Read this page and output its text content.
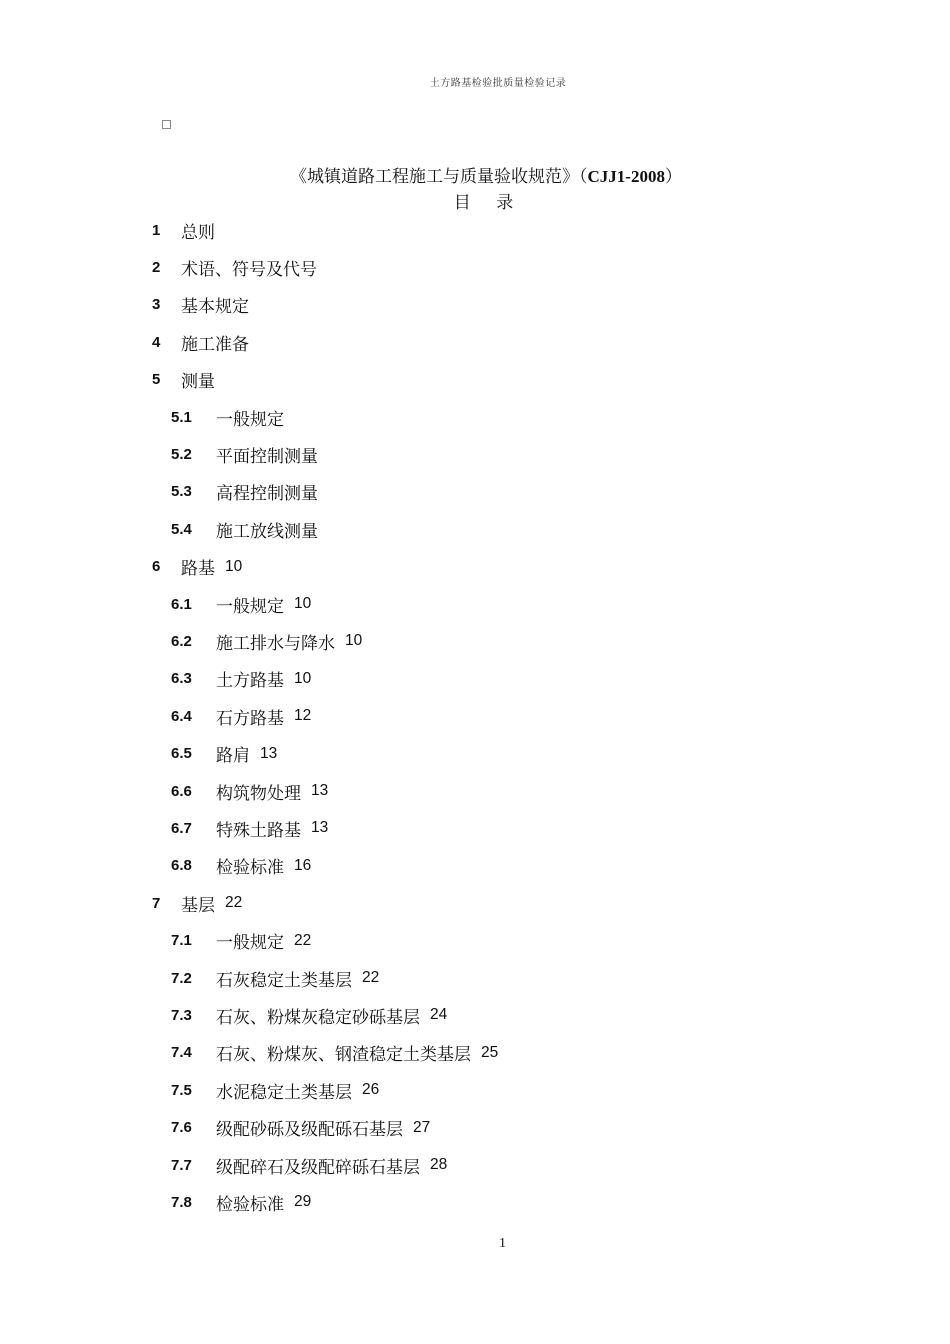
土方路基检验批质量检验记录
《城镇道路工程施工与质量验收规范》（CJJ1-2008）
目 录
1	总则
2	术语、符号及代号
3	基本规定
4	施工准备
5	测量
5.1	一般规定
5.2	平面控制测量
5.3	高程控制测量
5.4	施工放线测量
6	路基 10
6.1	一般规定 10
6.2	施工排水与降水 10
6.3	土方路基 10
6.4	石方路基 12
6.5	路肩 13
6.6	构筑物处理 13
6.7	特殊土路基 13
6.8	检验标准 16
7	基层 22
7.1	一般规定 22
7.2	石灰稳定土类基层 22
7.3	石灰、粉煤灰稳定砂砾基层 24
7.4	石灰、粉煤灰、钢渣稳定土类基层 25
7.5	水泥稳定土类基层 26
7.6	级配砂砾及级配砾石基层 27
7.7	级配碎石及级配碎砾石基层 28
7.8	检验标准 29
1
